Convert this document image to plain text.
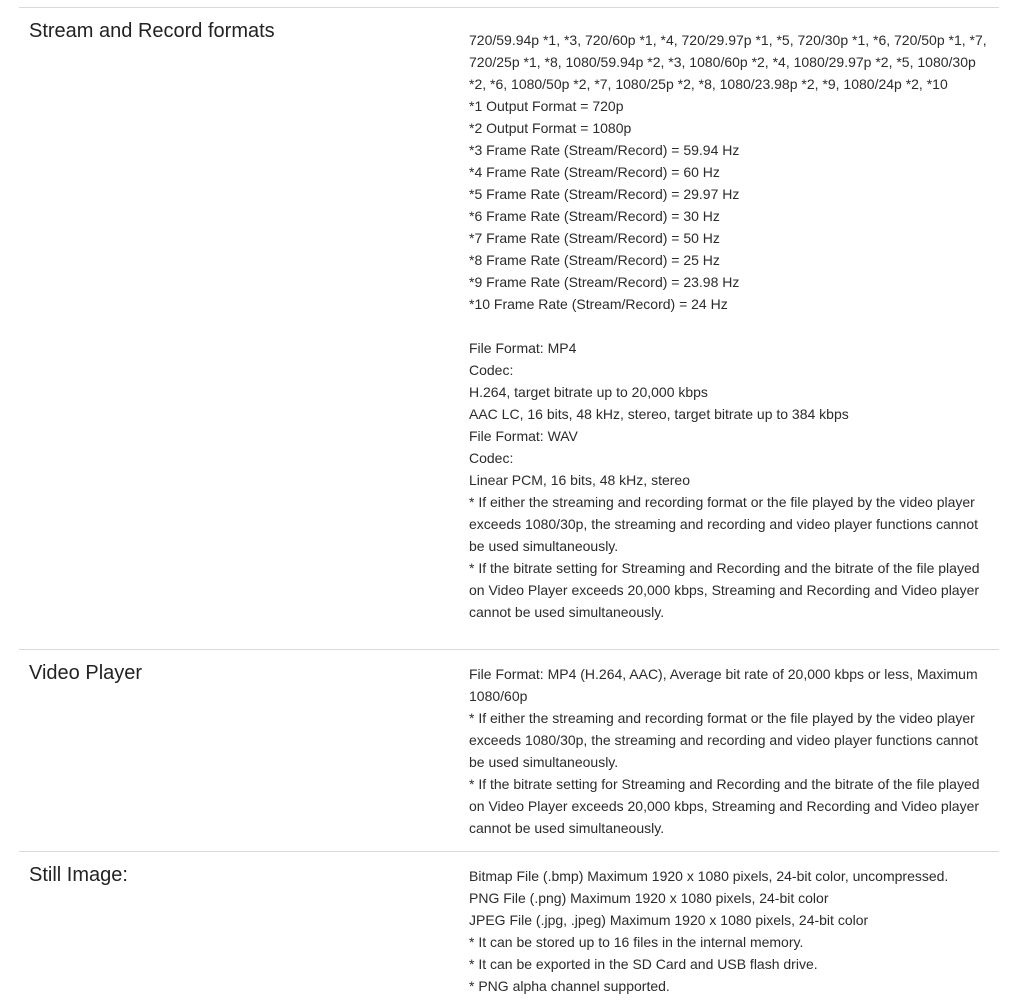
Stream and Record formats	720/59.94p *1, *3, 720/60p *1, *4, 720/29.97p *1, *5, 720/30p *1, *6, 720/50p *1, *7, 720/25p *1, *8, 1080/59.94p *2, *3, 1080/60p *2, *4, 1080/29.97p *2, *5, 1080/30p *2, *6, 1080/50p *2, *7, 1080/25p *2, *8, 1080/23.98p *2, *9, 1080/24p *2, *10
*1 Output Format = 720p
*2 Output Format = 1080p
*3 Frame Rate (Stream/Record) = 59.94 Hz
*4 Frame Rate (Stream/Record) = 60 Hz
*5 Frame Rate (Stream/Record) = 29.97 Hz
*6 Frame Rate (Stream/Record) = 30 Hz
*7 Frame Rate (Stream/Record) = 50 Hz
*8 Frame Rate (Stream/Record) = 25 Hz
*9 Frame Rate (Stream/Record) = 23.98 Hz
*10 Frame Rate (Stream/Record) = 24 Hz
File Format: MP4
Codec:
H.264, target bitrate up to 20,000 kbps
AAC LC, 16 bits, 48 kHz, stereo, target bitrate up to 384 kbps
File Format: WAV
Codec:
Linear PCM, 16 bits, 48 kHz, stereo
* If either the streaming and recording format or the file played by the video player exceeds 1080/30p, the streaming and recording and video player functions cannot be used simultaneously.
* If the bitrate setting for Streaming and Recording and the bitrate of the file played on Video Player exceeds 20,000 kbps, Streaming and Recording and Video player cannot be used simultaneously.
Video Player	File Format: MP4 (H.264, AAC), Average bit rate of 20,000 kbps or less, Maximum 1080/60p
* If either the streaming and recording format or the file played by the video player exceeds 1080/30p, the streaming and recording and video player functions cannot be used simultaneously.
* If the bitrate setting for Streaming and Recording and the bitrate of the file played on Video Player exceeds 20,000 kbps, Streaming and Recording and Video player cannot be used simultaneously.
Still Image:	Bitmap File (.bmp) Maximum 1920 x 1080 pixels, 24-bit color, uncompressed.
PNG File (.png) Maximum 1920 x 1080 pixels, 24-bit color
JPEG File (.jpg, .jpeg) Maximum 1920 x 1080 pixels, 24-bit color
* It can be stored up to 16 files in the internal memory.
* It can be exported in the SD Card and USB flash drive.
* PNG alpha channel supported.
